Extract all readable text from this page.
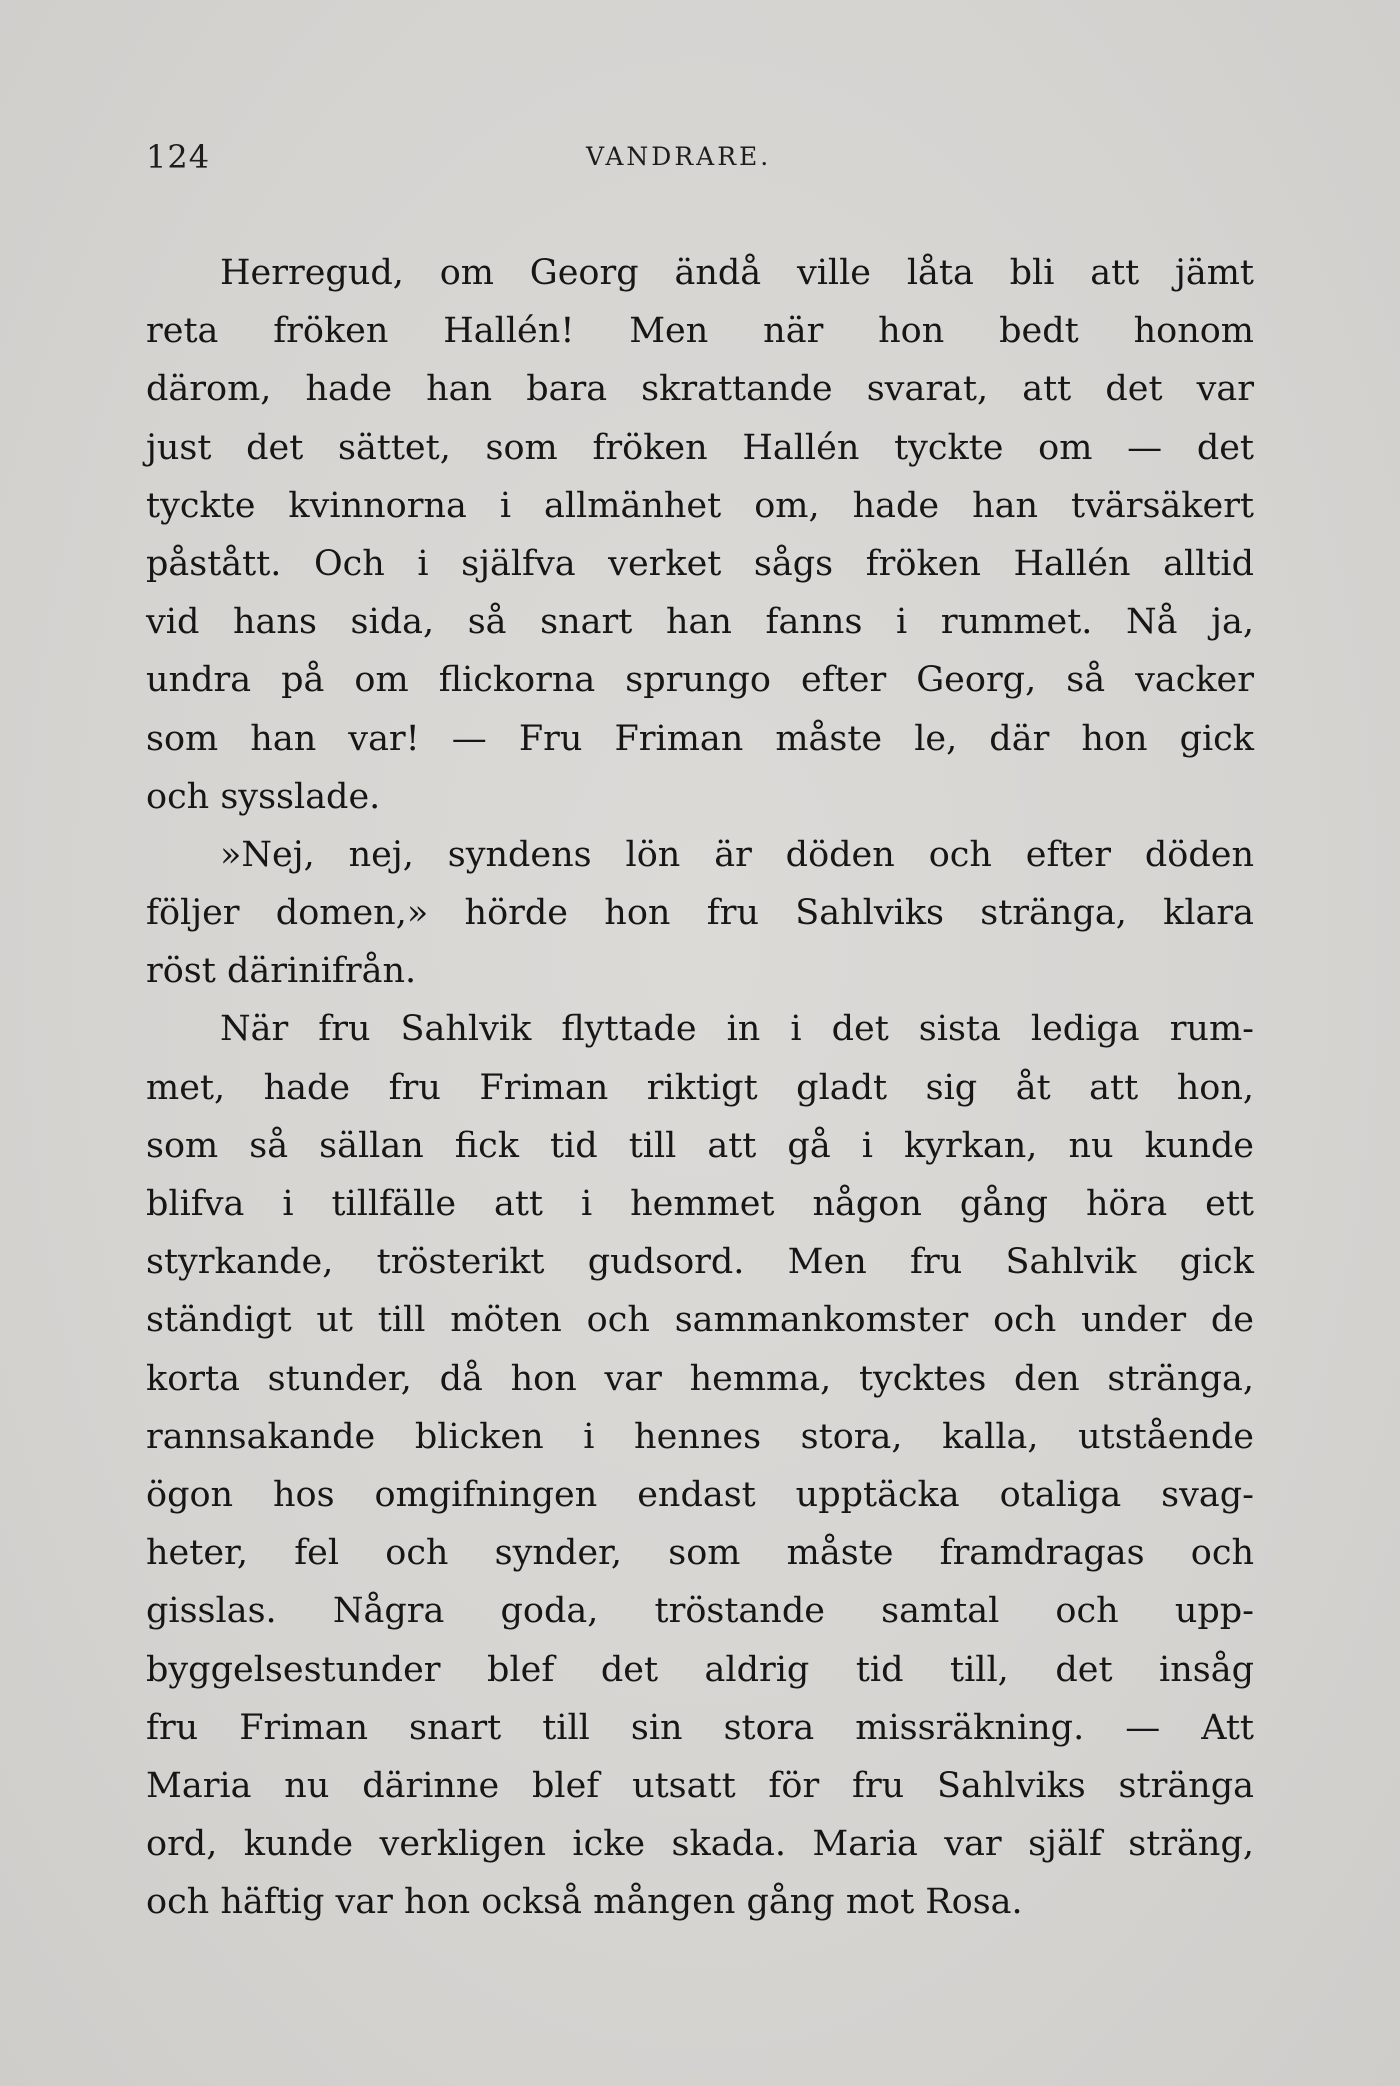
124	VANDRARE.
Herregud, om Georg ändå ville låta bli att jämt
reta fröken Hallén! Men när hon bedt honom
därom, hade han bara skrattande svarat, att det var
just det sättet, som fröken Hallén tyckte om — det
tyckte kvinnorna i allmänhet om, hade han tvärsäkert
påstått. Och i själfva verket sågs fröken Hallén alltid
vid hans sida, så snart han fanns i rummet. Nå ja,
undra på om flickorna sprungo efter Georg, så vacker
som han var! — Fru Friman måste le, där hon gick
och sysslade.
»Nej, nej, syndens lön är döden och efter döden
följer domen,» hörde hon fru Sahlviks stränga, klara
röst därinifrån.
När fru Sahlvik flyttade in i det sista lediga rum-
met, hade fru Friman riktigt gladt sig åt att hon,
som så sällan fick tid till att gå i kyrkan, nu kunde
blifva i tillfälle att i hemmet någon gång höra ett
styrkande, trösterikt gudsord. Men fru Sahlvik gick
ständigt ut till möten och sammankomster och under de
korta stunder, då hon var hemma, tycktes den stränga,
rannsakande blicken i hennes stora, kalla, utstående
ögon hos omgifningen endast upptäcka otaliga svag-
heter, fel och synder, som måste framdragas och
gisslas. Några goda, tröstande samtal och upp-
byggelsestunder blef det aldrig tid till, det insåg
fru Friman snart till sin stora missräkning. — Att
Maria nu därinne blef utsatt för fru Sahlviks stränga
ord, kunde verkligen icke skada. Maria var själf sträng,
och häftig var hon också mången gång mot Rosa.
